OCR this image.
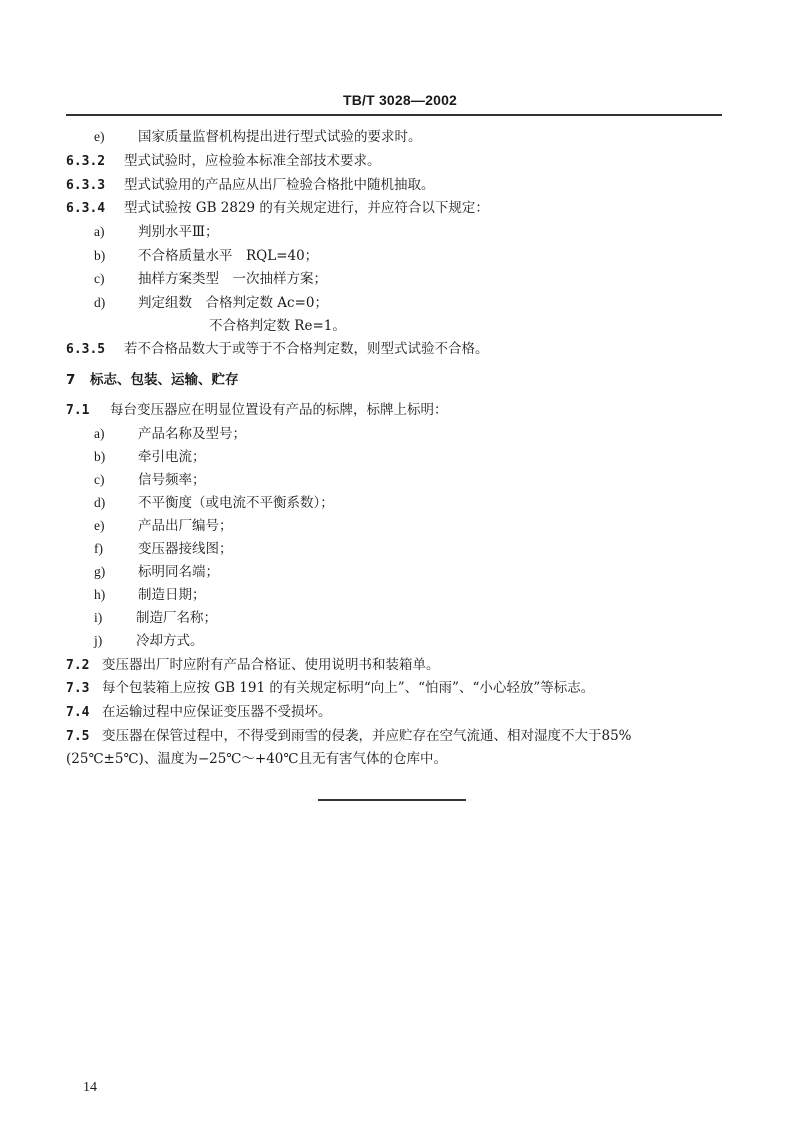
TB/T 3028—2002
e) 国家质量监督机构提出进行型式试验的要求时。
6.3.2 型式试验时，应检验本标准全部技术要求。
6.3.3 型式试验用的产品应从出厂检验合格批中随机抽取。
6.3.4 型式试验按 GB 2829 的有关规定进行，并应符合以下规定：
a) 判别水平Ⅲ；
b) 不合格质量水平　RQL=40；
c) 抽样方案类型　一次抽样方案；
d) 判定组数　合格判定数 Ac=0；
不合格判定数 Re=1。
6.3.5 若不合格品数大于或等于不合格判定数，则型式试验不合格。
7 标志、包装、运输、贮存
7.1 每台变压器应在明显位置设有产品的标牌，标牌上标明：
a) 产品名称及型号；
b) 牵引电流；
c) 信号频率；
d) 不平衡度（或电流不平衡系数）；
e) 产品出厂编号；
f)	变压器接线图；
g) 标明同名端；
h) 制造日期；
i)	制造厂名称；
j)	冷却方式。
7.2 变压器出厂时应附有产品合格证、使用说明书和装箱单。
7.3 每个包装箱上应按 GB 191 的有关规定标明“向上”、“怕雨”、“小心轻放”等标志。
7.4 在运输过程中应保证变压器不受损坏。
7.5 变压器在保管过程中，不得受到雨雪的侵袭，并应贮存在空气流通、相对湿度不大于85%
(25℃±5℃)、温度为−25℃～+40℃且无有害气体的仓库中。
14
